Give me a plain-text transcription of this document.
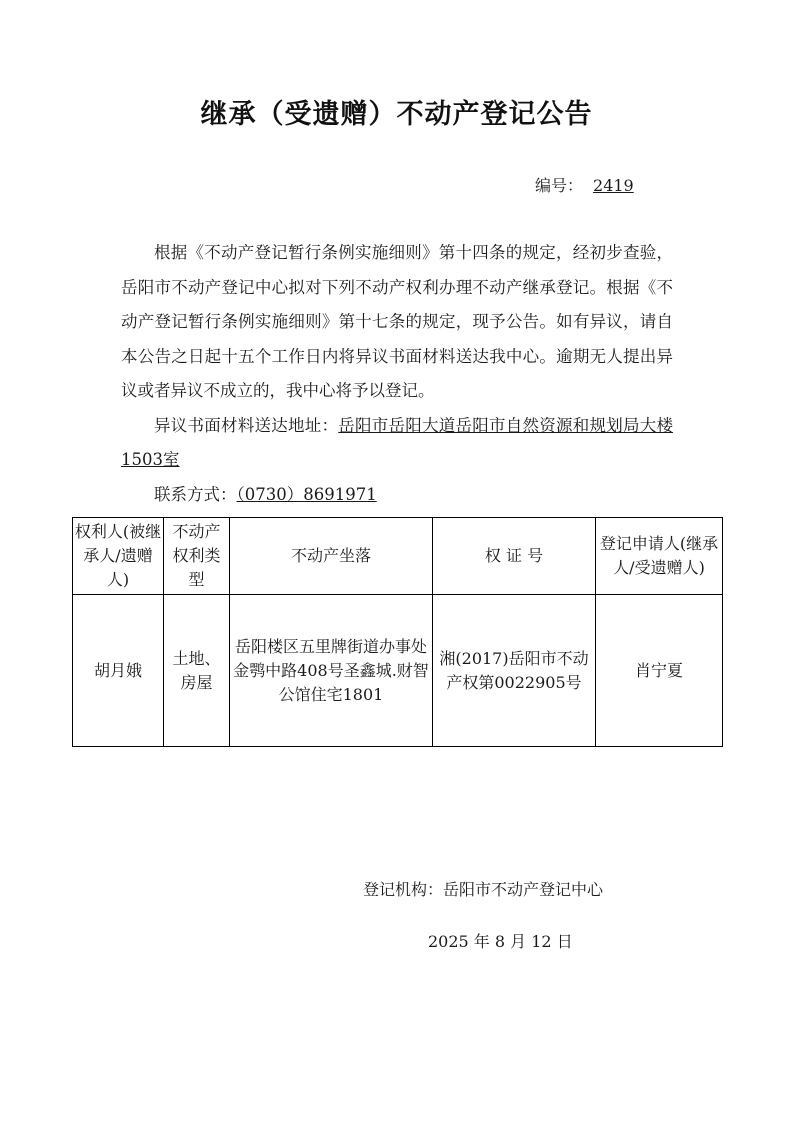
继承（受遗赠）不动产登记公告
编号： 2419

根据《不动产登记暂行条例实施细则》第十四条的规定，经初步查验，岳阳市不动产登记中心拟对下列不动产权利办理不动产继承登记。根据《不动产登记暂行条例实施细则》第十七条的规定，现予公告。如有异议，请自本公告之日起十五个工作日内将异议书面材料送达我中心。逾期无人提出异议或者异议不成立的，我中心将予以登记。

异议书面材料送达地址：岳阳市岳阳大道岳阳市自然资源和规划局大楼1503室

联系方式：（0730）8691971

权利人(被继承人/遗赠人)	不动产权利类型	不动产坐落	权 证 号	登记申请人(继承人/受遗赠人)
胡月娥	土地、房屋	岳阳楼区五里牌街道办事处金鹗中路408号圣鑫城.财智公馆住宅1801	湘(2017)岳阳市不动产权第0022905号	肖宁夏
登记机构：岳阳市不动产登记中心
2025 年 8 月 12 日
